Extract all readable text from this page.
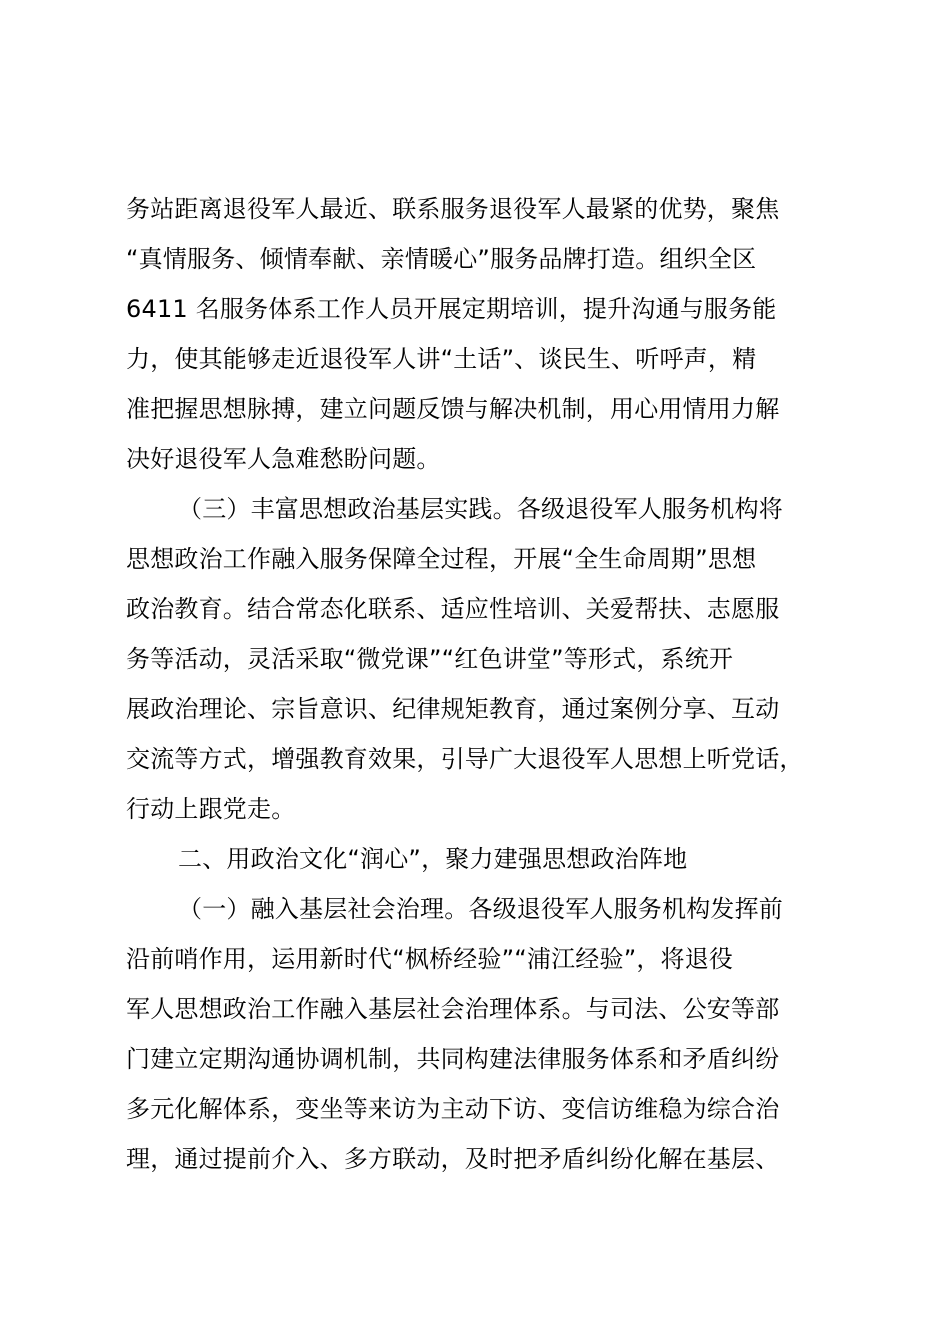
务站距离退役军人最近、联系服务退役军人最紧的优势，聚焦
“真情服务、倾情奉献、亲情暖心”服务品牌打造。组织全区
6411 名服务体系工作人员开展定期培训，提升沟通与服务能
力，使其能够走近退役军人讲“土话”、谈民生、听呼声，精
准把握思想脉搏，建立问题反馈与解决机制，用心用情用力解
决好退役军人急难愁盼问题。
（三）丰富思想政治基层实践。各级退役军人服务机构将
思想政治工作融入服务保障全过程，开展“全生命周期”思想
政治教育。结合常态化联系、适应性培训、关爱帮扶、志愿服
务等活动，灵活采取“微党课”“红色讲堂”等形式，系统开
展政治理论、宗旨意识、纪律规矩教育，通过案例分享、互动
交流等方式，增强教育效果，引导广大退役军人思想上听党话，
行动上跟党走。
二、用政治文化“润心”，聚力建强思想政治阵地
（一）融入基层社会治理。各级退役军人服务机构发挥前
沿前哨作用，运用新时代“枫桥经验”“浦江经验”，将退役
军人思想政治工作融入基层社会治理体系。与司法、公安等部
门建立定期沟通协调机制，共同构建法律服务体系和矛盾纠纷
多元化解体系，变坐等来访为主动下访、变信访维稳为综合治
理，通过提前介入、多方联动，及时把矛盾纠纷化解在基层、
